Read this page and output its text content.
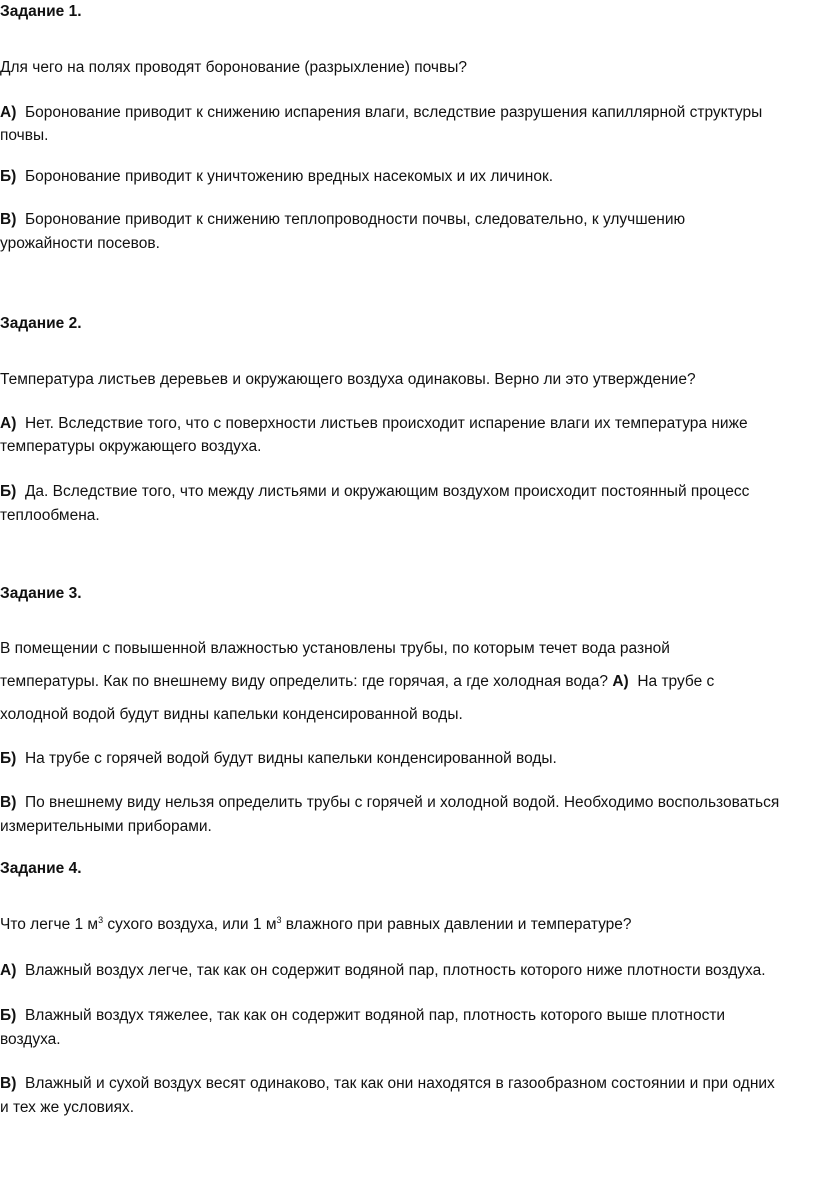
Задание 1.

Для чего на полях проводят боронование (разрыхление) почвы?

А) Боронование приводит к снижению испарения влаги, вследствие разрушения капиллярной структуры

почвы.

Б) Боронование приводит к уничтожению вредных насекомых и их личинок.

В) Боронование приводит к снижению теплопроводности почвы, следовательно, к улучшению

урожайности посевов.

Задание 2.

Температура листьев деревьев и окружающего воздуха одинаковы. Верно ли это утверждение?

А) Нет. Вследствие того, что с поверхности листьев происходит испарение влаги их температура ниже

температуры окружающего воздуха.

Б) Да. Вследствие того, что между листьями и окружающим воздухом происходит постоянный процесс

теплообмена.

Задание 3.

В помещении с повышенной влажностью установлены трубы, по которым течет вода разной

температуры. Как по внешнему виду определить: где горячая, а где холодная вода? А) На трубе с

холодной водой будут видны капельки конденсированной воды.

Б) На трубе с горячей водой будут видны капельки конденсированной воды.

В) По внешнему виду нельзя определить трубы с горячей и холодной водой. Необходимо воспользоваться

измерительными приборами.

Задание 4.

Что легче 1 $м^3$ сухого воздуха, или 1 $м^3$ влажного при равных давлении и температуре?

А) Влажный воздух легче, так как он содержит водяной пар, плотность которого ниже плотности воздуха.

Б) Влажный воздух тяжелее, так как он содержит водяной пар, плотность которого выше плотности

воздуха.

В) Влажный и сухой воздух весят одинаково, так как они находятся в газообразном состоянии и при одних

и тех же условиях.
